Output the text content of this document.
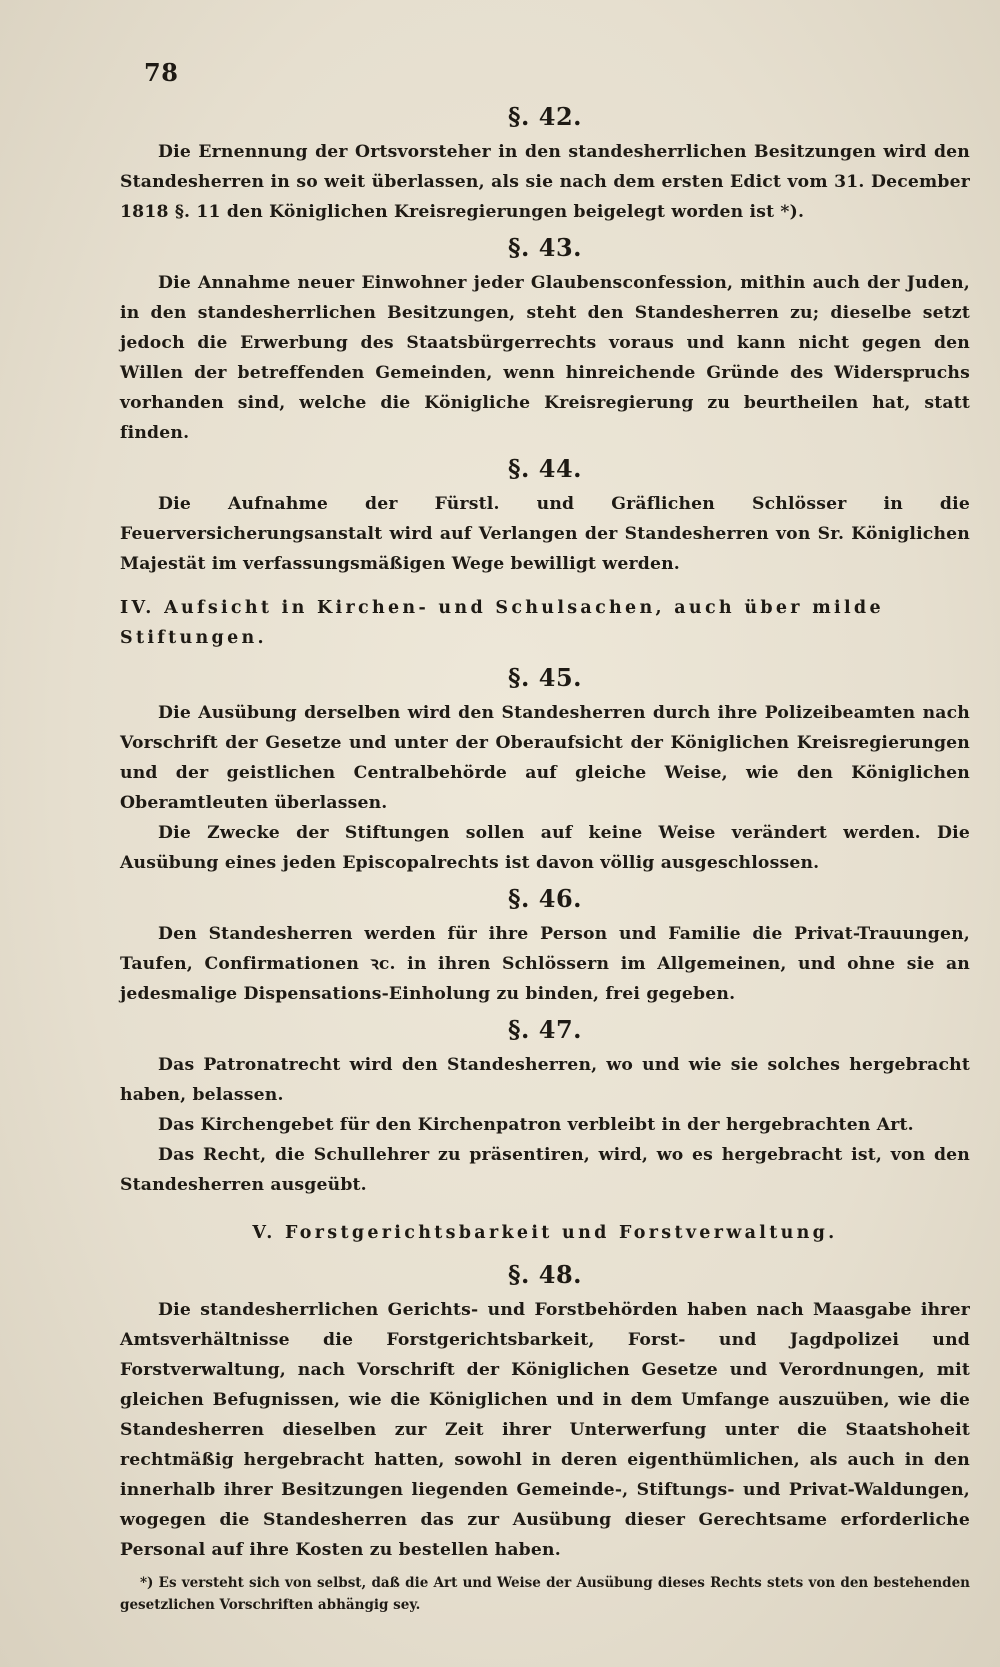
78
§. 42.

Die Ernennung der Ortsvorsteher in den standesherrlichen Besitzungen wird den Standesherren in so weit überlassen, als sie nach dem ersten Edict vom 31. December 1818 §. 11 den Königlichen Kreisregierungen beigelegt worden ist *).

§. 43.

Die Annahme neuer Einwohner jeder Glaubensconfession, mithin auch der Juden, in den standesherrlichen Besitzungen, steht den Standesherren zu; dieselbe setzt jedoch die Erwerbung des Staatsbürgerrechts voraus und kann nicht gegen den Willen der betreffenden Gemeinden, wenn hinreichende Gründe des Widerspruchs vorhanden sind, welche die Königliche Kreisregierung zu beurtheilen hat, statt finden.

§. 44.

Die Aufnahme der Fürstl. und Gräflichen Schlösser in die Feuerversicherungsanstalt wird auf Verlangen der Standesherren von Sr. Königlichen Majestät im verfassungsmäßigen Wege bewilligt werden.

IV. Aufsicht in Kirchen- und Schulsachen, auch über milde Stiftungen.
§. 45.

Die Ausübung derselben wird den Standesherren durch ihre Polizeibeamten nach Vorschrift der Gesetze und unter der Oberaufsicht der Königlichen Kreisregierungen und der geistlichen Centralbehörde auf gleiche Weise, wie den Königlichen Oberamtleuten überlassen.

Die Zwecke der Stiftungen sollen auf keine Weise verändert werden. Die Ausübung eines jeden Episcopalrechts ist davon völlig ausgeschlossen.

§. 46.

Den Standesherren werden für ihre Person und Familie die Privat-Trauungen, Taufen, Confirmationen ꝛc. in ihren Schlössern im Allgemeinen, und ohne sie an jedesmalige Dispensations-Einholung zu binden, frei gegeben.

§. 47.

Das Patronatrecht wird den Standesherren, wo und wie sie solches hergebracht haben, belassen.

Das Kirchengebet für den Kirchenpatron verbleibt in der hergebrachten Art.

Das Recht, die Schullehrer zu präsentiren, wird, wo es hergebracht ist, von den Standesherren ausgeübt.

V. Forstgerichtsbarkeit und Forstverwaltung.
§. 48.

Die standesherrlichen Gerichts- und Forstbehörden haben nach Maasgabe ihrer Amtsverhältnisse die Forstgerichtsbarkeit, Forst- und Jagdpolizei und Forstverwaltung, nach Vorschrift der Königlichen Gesetze und Verordnungen, mit gleichen Befugnissen, wie die Königlichen und in dem Umfange auszuüben, wie die Standesherren dieselben zur Zeit ihrer Unterwerfung unter die Staatshoheit rechtmäßig hergebracht hatten, sowohl in deren eigenthümlichen, als auch in den innerhalb ihrer Besitzungen liegenden Gemeinde-, Stiftungs- und Privat-Waldungen, wogegen die Standesherren das zur Ausübung dieser Gerechtsame erforderliche Personal auf ihre Kosten zu bestellen haben.

*) Es versteht sich von selbst, daß die Art und Weise der Ausübung dieses Rechts stets von den bestehenden gesetzlichen Vorschriften abhängig sey.
